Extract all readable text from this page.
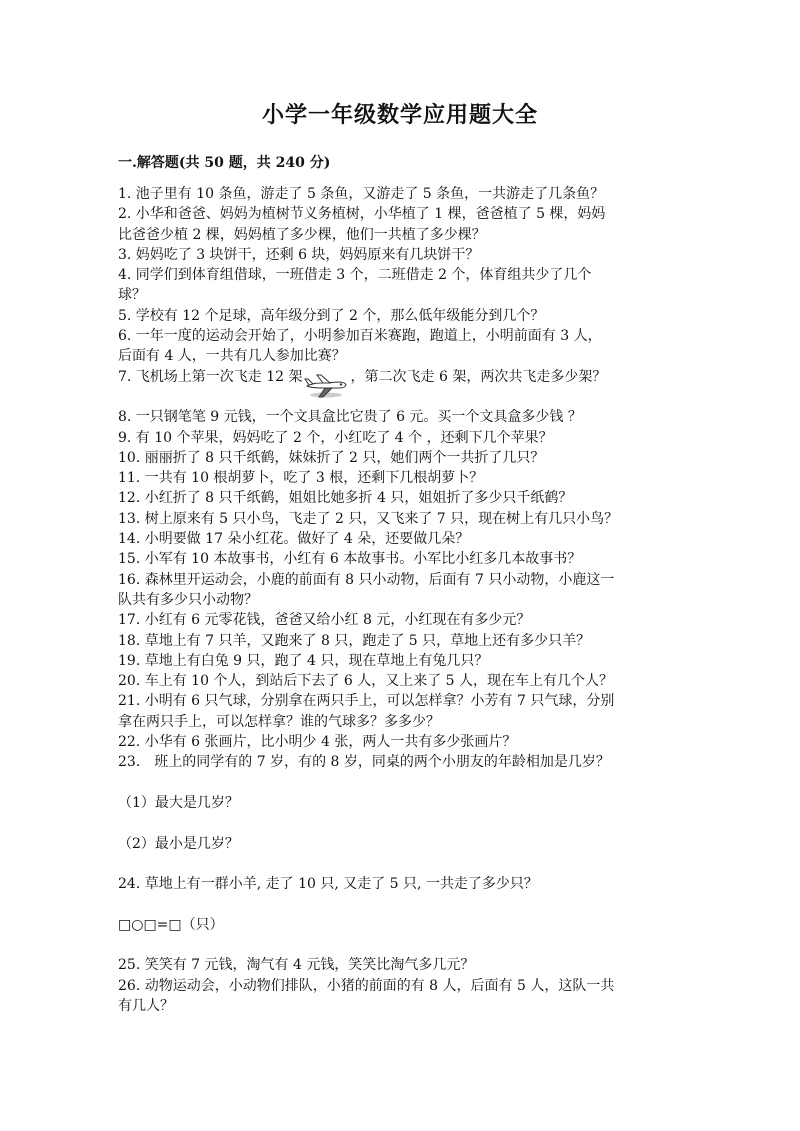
小学一年级数学应用题大全
一.解答题(共 50 题，共 240 分)
1. 池子里有 10 条鱼，游走了 5 条鱼，又游走了 5 条鱼，一共游走了几条鱼？
2. 小华和爸爸、妈妈为植树节义务植树，小华植了 1 棵，爸爸植了 5 棵，妈妈
比爸爸少植 2 棵，妈妈植了多少棵，他们一共植了多少棵？
3. 妈妈吃了 3 块饼干，还剩 6 块，妈妈原来有几块饼干？
4. 同学们到体育组借球，一班借走 3 个，二班借走 2 个，体育组共少了几个
球？
5. 学校有 12 个足球，高年级分到了 2 个，那么低年级能分到几个？
6. 一年一度的运动会开始了，小明参加百米赛跑，跑道上，小明前面有 3 人，
后面有 4 人，一共有几人参加比赛？
7. 飞机场上第一次飞走 12 架	，第二次飞走 6 架，两次共飞走多少架？
8. 一只钢笔笔 9 元钱，一个文具盒比它贵了 6 元。买一个文具盒多少钱 ？
9. 有 10 个苹果，妈妈吃了 2 个，小红吃了 4 个 ，还剩下几个苹果？
10. 丽丽折了 8 只千纸鹤，妹妹折了 2 只，她们两个一共折了几只？
11. 一共有 10 根胡萝卜，吃了 3 根，还剩下几根胡萝卜？
12. 小红折了 8 只千纸鹤，姐姐比她多折 4 只，姐姐折了多少只千纸鹤？
13. 树上原来有 5 只小鸟，飞走了 2 只，又飞来了 7 只，现在树上有几只小鸟？
14. 小明要做 17 朵小红花。做好了 4 朵，还要做几朵？
15. 小军有 10 本故事书，小红有 6 本故事书。小军比小红多几本故事书？
16. 森林里开运动会，小鹿的前面有 8 只小动物，后面有 7 只小动物，小鹿这一
队共有多少只小动物？
17. 小红有 6 元零花钱，爸爸又给小红 8 元，小红现在有多少元？
18. 草地上有 7 只羊，又跑来了 8 只，跑走了 5 只，草地上还有多少只羊？
19. 草地上有白兔 9 只，跑了 4 只，现在草地上有兔几只？
20. 车上有 10 个人，到站后下去了 6 人，又上来了 5 人，现在车上有几个人？
21. 小明有 6 只气球，分别拿在两只手上，可以怎样拿？小芳有 7 只气球，分别
拿在两只手上，可以怎样拿？谁的气球多？多多少？
22. 小华有 6 张画片，比小明少 4 张，两人一共有多少张画片？
23.　班上的同学有的 7 岁，有的 8 岁，同桌的两个小朋友的年龄相加是几岁？
（1）最大是几岁？
（2）最小是几岁？
24. 草地上有一群小羊, 走了 10 只, 又走了 5 只, 一共走了多少只？
□○□=□（只）
25. 笑笑有 7 元钱，淘气有 4 元钱，笑笑比淘气多几元？
26. 动物运动会，小动物们排队，小猪的前面的有 8 人，后面有 5 人，这队一共
有几人？
